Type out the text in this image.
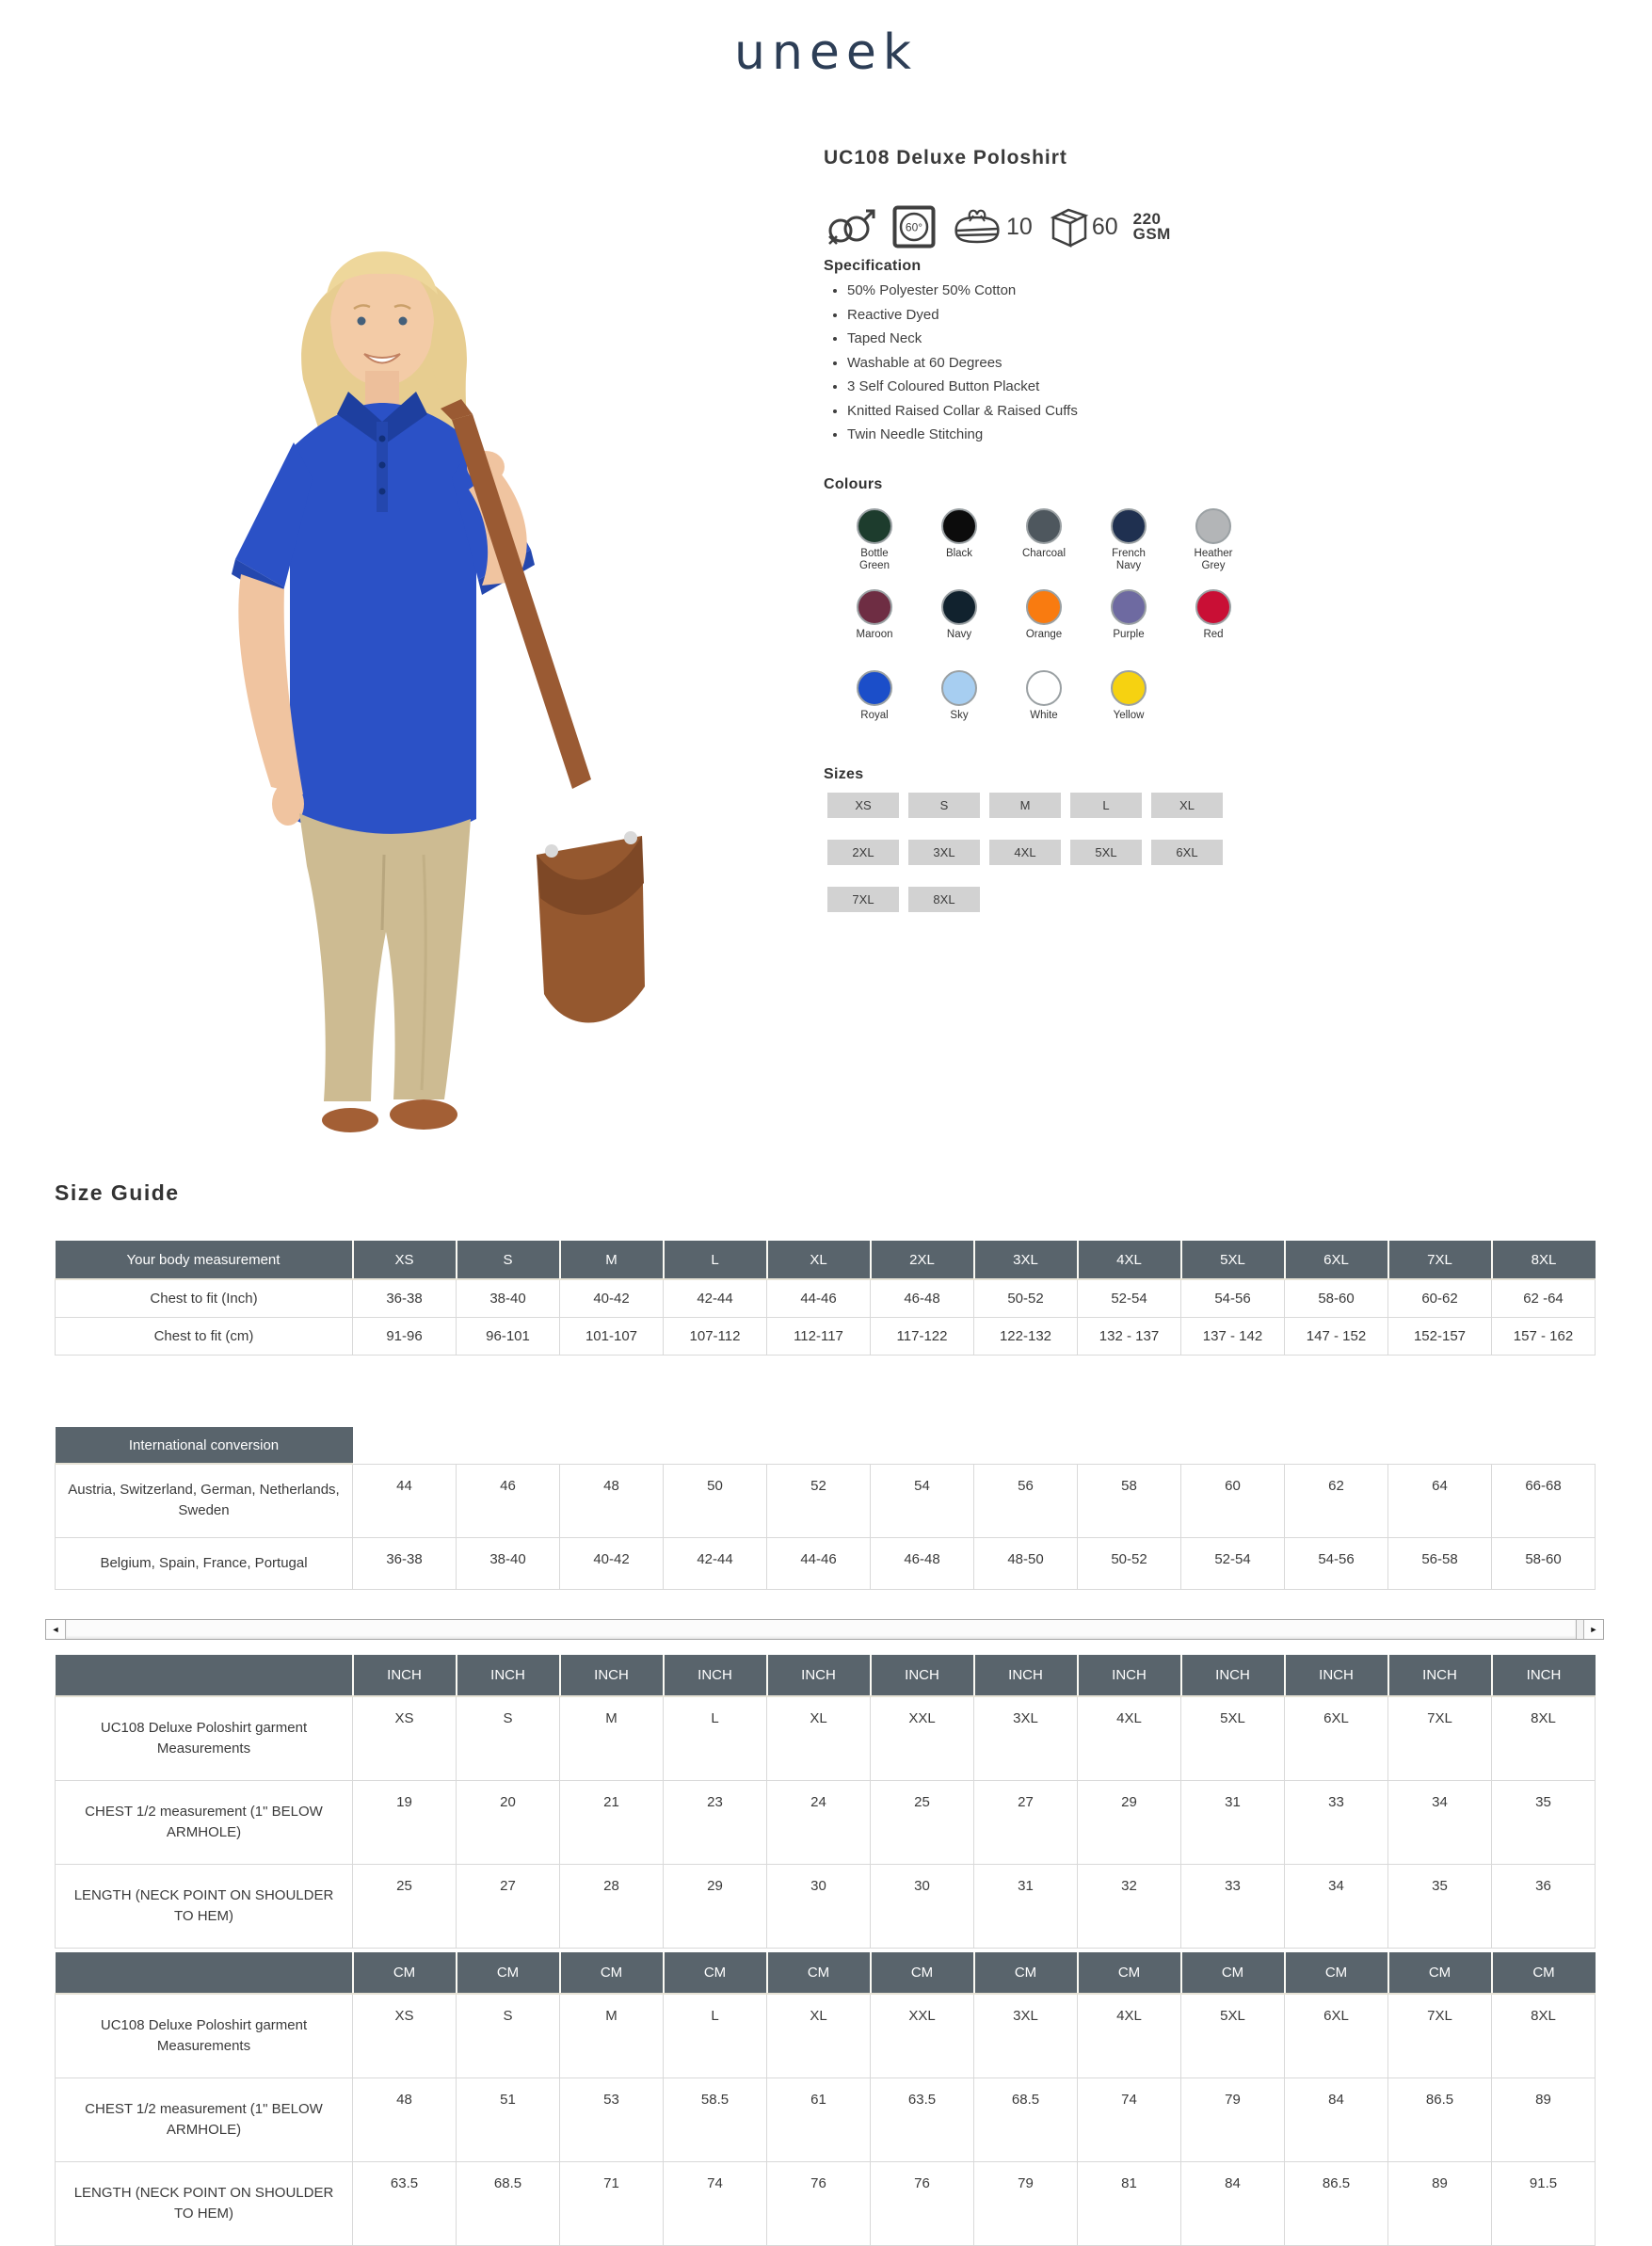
uneek
UC108 Deluxe Poloshirt
60°	10	60 220
GSM
Specification
• 50% Polyester 50% Cotton
• Reactive Dyed
• Taped Neck
• Washable at 60 Degrees
• 3 Self Coloured Button Placket
• Knitted Raised Collar & Raised Cuffs
• Twin Needle Stitching
Colours
Bottle Green
Black	Charcoal	French Navy
Heather Grey
Maroon	Navy	Orange	Purple	Red
Royal	Sky	White	Yellow
Sizes
XS	S	M	L	XL
2XL	3XL	4XL	5XL	6XL
7XL	8XL
Size Guide
Your body measurement	XS	S	M	L	XL	2XL	3XL	4XL	5XL	6XL	7XL	8XL
Chest to fit (Inch)	36-38	38-40	40-42	42-44	44-46	46-48	50-52	52-54	54-56	58-60	60-62	62 -64
Chest to fit (cm)	91-96	96-101	101-107	107-112	112-117	117-122	122-132	132 - 137	137 - 142	147 - 152	152-157	157 - 162
International conversion												
Austria, Switzerland, German, Netherlands, Sweden	44	46	48	50	52	54	56	58	60	62	64	66-68
Belgium, Spain, France, Portugal	36-38	38-40	40-42	42-44	44-46	46-48	48-50	50-52	52-54	54-56	56-58	58-60
◄	►
	INCH	INCH	INCH	INCH	INCH	INCH	INCH	INCH	INCH	INCH	INCH	INCH
UC108 Deluxe Poloshirt garment Measurements	XS	S	M	L	XL	XXL	3XL	4XL	5XL	6XL	7XL	8XL
CHEST 1/2 measurement (1" BELOW ARMHOLE)	19	20	21	23	24	25	27	29	31	33	34	35
LENGTH (NECK POINT ON SHOULDER TO HEM)	25	27	28	29	30	30	31	32	33	34	35	36
	CM	CM	CM	CM	CM	CM	CM	CM	CM	CM	CM	CM
UC108 Deluxe Poloshirt garment Measurements	XS	S	M	L	XL	XXL	3XL	4XL	5XL	6XL	7XL	8XL
CHEST 1/2 measurement (1" BELOW ARMHOLE)	48	51	53	58.5	61	63.5	68.5	74	79	84	86.5	89
LENGTH (NECK POINT ON SHOULDER TO HEM)	63.5	68.5	71	74	76	76	79	81	84	86.5	89	91.5
